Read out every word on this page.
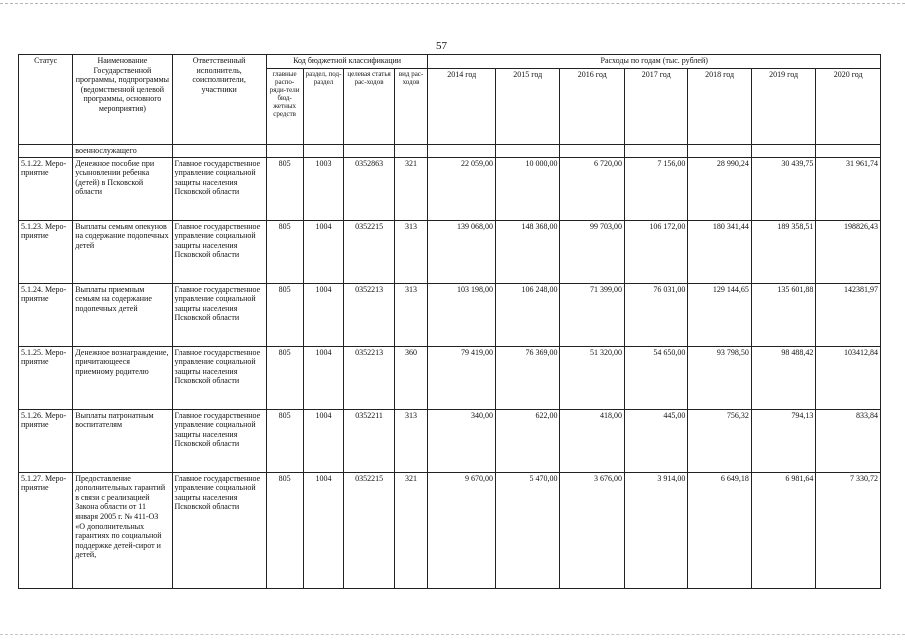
57
Статус	Наименование Государственной программы, подпрограммы (ведомственной целевой программы, основного мероприятия)	Ответственный исполнитель, соисполнители, участники	Код бюджетной классификации				Расходы по годам (тыс. рублей)						
			главные распо-ряди-тели бюд-жетных средств	раздел, под-раздел	целевая статья рас-ходов	вид рас-ходов	2014 год	2015 год	2016 год	2017 год	2018 год	2019 год	2020 год
	военнослужащего												
5.1.22. Меро-приятие	Денежное пособие при усыновлении ребенка (детей) в Псковской области	Главное государственное управление социальной защиты населения Псковской области	805	1003	0352863	321	22 059,00	10 000,00	6 720,00	7 156,00	28 990,24	30 439,75	31 961,74
5.1.23. Меро-приятие	Выплаты семьям опекунов на содержание подопечных детей	Главное государственное управление социальной защиты населения Псковской области	805	1004	0352215	313	139 068,00	148 368,00	99 703,00	106 172,00	180 341,44	189 358,51	198826,43
5.1.24. Меро-приятие	Выплаты приемным семьям на содержание подопечных детей	Главное государственное управление социальной защиты населения Псковской области	805	1004	0352213	313	103 198,00	106 248,00	71 399,00	76 031,00	129 144,65	135 601,88	142381,97
5.1.25. Меро-приятие	Денежное вознаграждение, причитающееся приемному родителю	Главное государственное управление социальной защиты населения Псковской области	805	1004	0352213	360	79 419,00	76 369,00	51 320,00	54 650,00	93 798,50	98 488,42	103412,84
5.1.26. Меро-приятие	Выплаты патронатным воспитателям	Главное государственное управление социальной защиты населения Псковской области	805	1004	0352211	313	340,00	622,00	418,00	445,00	756,32	794,13	833,84
5.1.27. Меро-приятие	Предоставление дополнительных гарантий в связи с реализацией Закона области от 11 января 2005 г. № 411-ОЗ «О дополнительных гарантиях по социальной поддержке детей-сирот и детей,	Главное государственное управление социальной защиты населения Псковской области	805	1004	0352215	321	9 670,00	5 470,00	3 676,00	3 914,00	6 649,18	6 981,64	7 330,72
